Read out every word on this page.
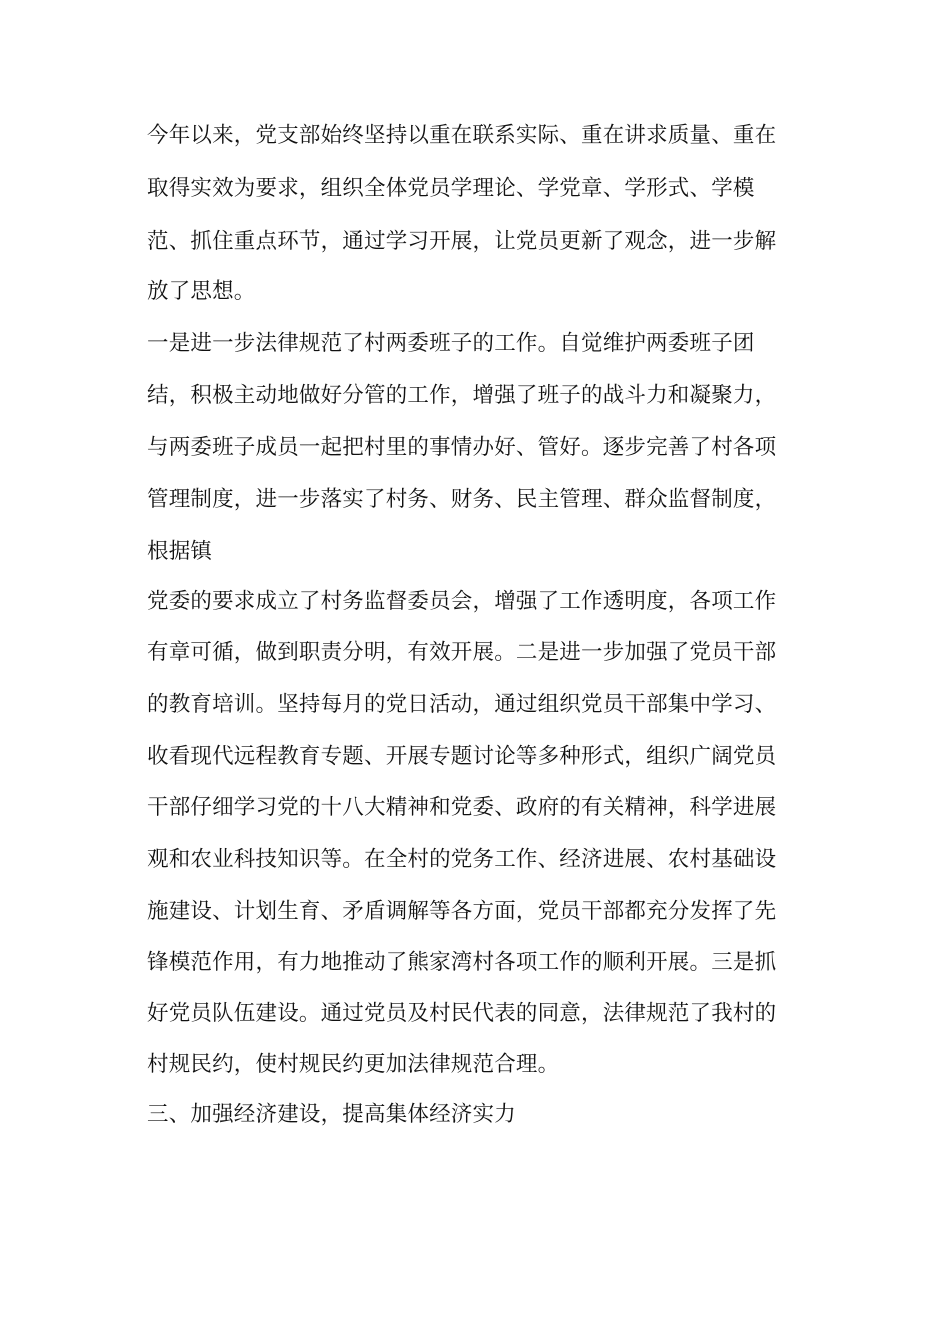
今年以来，党支部始终坚持以重在联系实际、重在讲求质量、重在
取得实效为要求，组织全体党员学理论、学党章、学形式、学模
范、抓住重点环节，通过学习开展，让党员更新了观念，进一步解
放了思想。
一是进一步法律规范了村两委班子的工作。自觉维护两委班子团
结，积极主动地做好分管的工作，增强了班子的战斗力和凝聚力，
与两委班子成员一起把村里的事情办好、管好。逐步完善了村各项
管理制度，进一步落实了村务、财务、民主管理、群众监督制度，
根据镇
党委的要求成立了村务监督委员会，增强了工作透明度，各项工作
有章可循，做到职责分明，有效开展。二是进一步加强了党员干部
的教育培训。坚持每月的党日活动，通过组织党员干部集中学习、
收看现代远程教育专题、开展专题讨论等多种形式，组织广阔党员
干部仔细学习党的十八大精神和党委、政府的有关精神，科学进展
观和农业科技知识等。在全村的党务工作、经济进展、农村基础设
施建设、计划生育、矛盾调解等各方面，党员干部都充分发挥了先
锋模范作用，有力地推动了熊家湾村各项工作的顺利开展。三是抓
好党员队伍建设。通过党员及村民代表的同意，法律规范了我村的
村规民约，使村规民约更加法律规范合理。
三、加强经济建设，提高集体经济实力
